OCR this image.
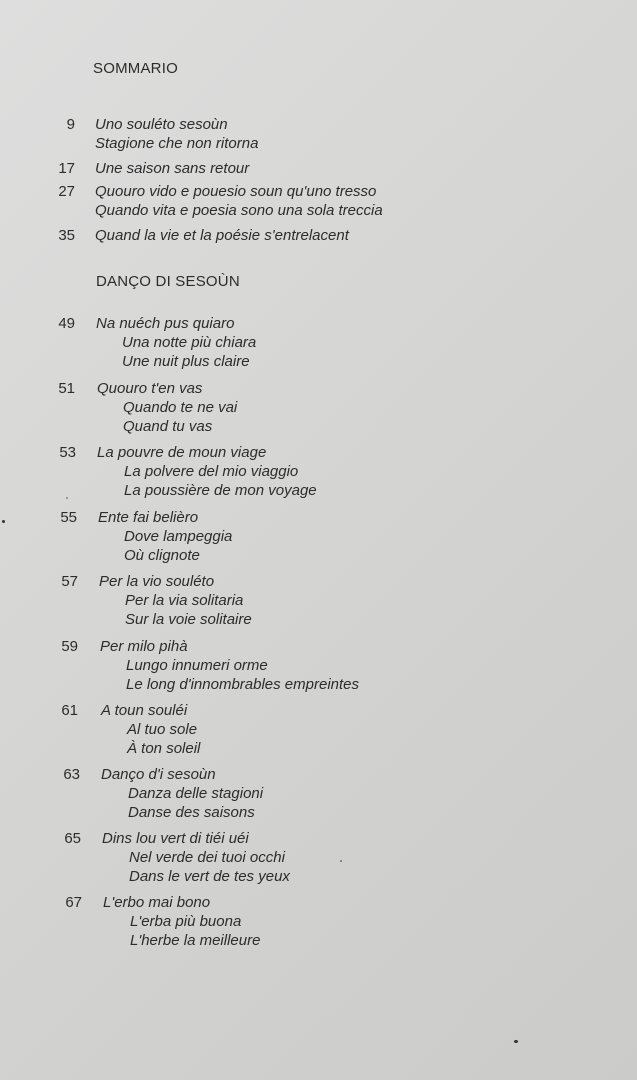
SOMMARIO
9 Uno souléto sesoùn
Stagione che non ritorna
17 Une saison sans retour
27 Quouro vido e pouesio soun qu'uno tresso
Quando vita e poesia sono una sola treccia
35 Quand la vie et la poésie s'entrelacent
DANÇO DI SESOÙN
49 Na nuéch pus quiaro
Una notte più chiara
Une nuit plus claire
51 Quouro t'en vas
Quando te ne vai
Quand tu vas
53 La pouvre de moun viage
La polvere del mio viaggio
La poussière de mon voyage
55 Ente fai belièro
Dove lampeggia
Où clignote
57 Per la vio souléto
Per la via solitaria
Sur la voie solitaire
59 Per milo pihà
Lungo innumeri orme
Le long d'innombrables empreintes
61 A toun souléi
Al tuo sole
À ton soleil
63 Danço d'i sesoùn
Danza delle stagioni
Danse des saisons
65 Dins lou vert di tiéi uéi
Nel verde dei tuoi occhi
Dans le vert de tes yeux
67 L'erbo mai bono
L'erba più buona
L'herbe la meilleure
